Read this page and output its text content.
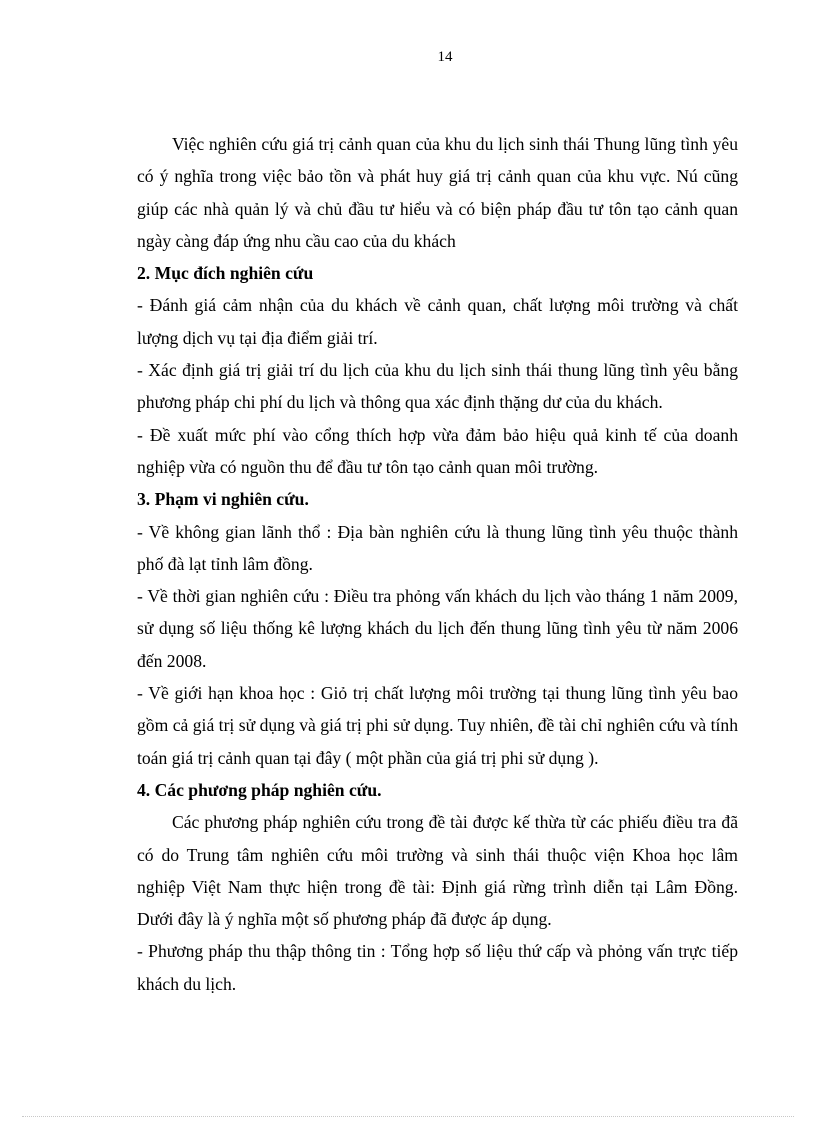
14

Việc nghiên cứu giá trị cảnh quan của khu du lịch sinh thái Thung lũng tình yêu có ý nghĩa trong việc bảo tồn và phát huy giá trị cảnh quan của khu vực. Nú cũng giúp các nhà quản lý và chủ đầu tư hiểu và có biện pháp đầu tư tôn tạo cảnh quan ngày càng đáp ứng nhu cầu cao của du khách

2. Mục đích nghiên cứu

- Đánh giá cảm nhận của du khách về cảnh quan, chất lượng môi trường và chất lượng dịch vụ tại địa điểm giải trí.

- Xác định giá trị giải trí du lịch của khu du lịch sinh thái thung lũng tình yêu bằng phương pháp chi phí du lịch và thông qua xác định thặng dư của du khách.

- Đề xuất mức phí vào cổng thích hợp vừa đảm bảo hiệu quả kinh tế của doanh nghiệp vừa có nguồn thu để đầu tư tôn tạo cảnh quan môi trường.

3. Phạm vi nghiên cứu.

- Về không gian lãnh thổ : Địa bàn nghiên cứu là thung lũng tình yêu thuộc thành phố đà lạt tỉnh lâm đồng.

- Về thời gian nghiên cứu : Điều tra phỏng vấn khách du lịch vào tháng 1 năm 2009, sử dụng số liệu thống kê lượng khách du lịch đến thung lũng tình yêu từ năm 2006 đến 2008.

- Về giới hạn khoa học : Giỏ trị chất lượng môi trường tại thung lũng tình yêu bao gồm cả giá trị sử dụng và giá trị phi sử dụng. Tuy nhiên, đề tài chỉ nghiên cứu và tính toán giá trị cảnh quan tại đây ( một phần của giá trị phi sử dụng ).

4. Các phương pháp nghiên cứu.

Các phương pháp nghiên cứu trong đề tài được kế thừa từ các phiếu điều tra đã có do Trung tâm nghiên cứu môi trường và sinh thái thuộc viện Khoa học lâm nghiệp Việt Nam thực hiện trong đề tài: Định giá rừng trình diễn tại Lâm Đồng. Dưới đây là ý nghĩa một số phương pháp đã được áp dụng.

- Phương pháp thu thập thông tin : Tổng hợp số liệu thứ cấp và phỏng vấn trực tiếp khách du lịch.
